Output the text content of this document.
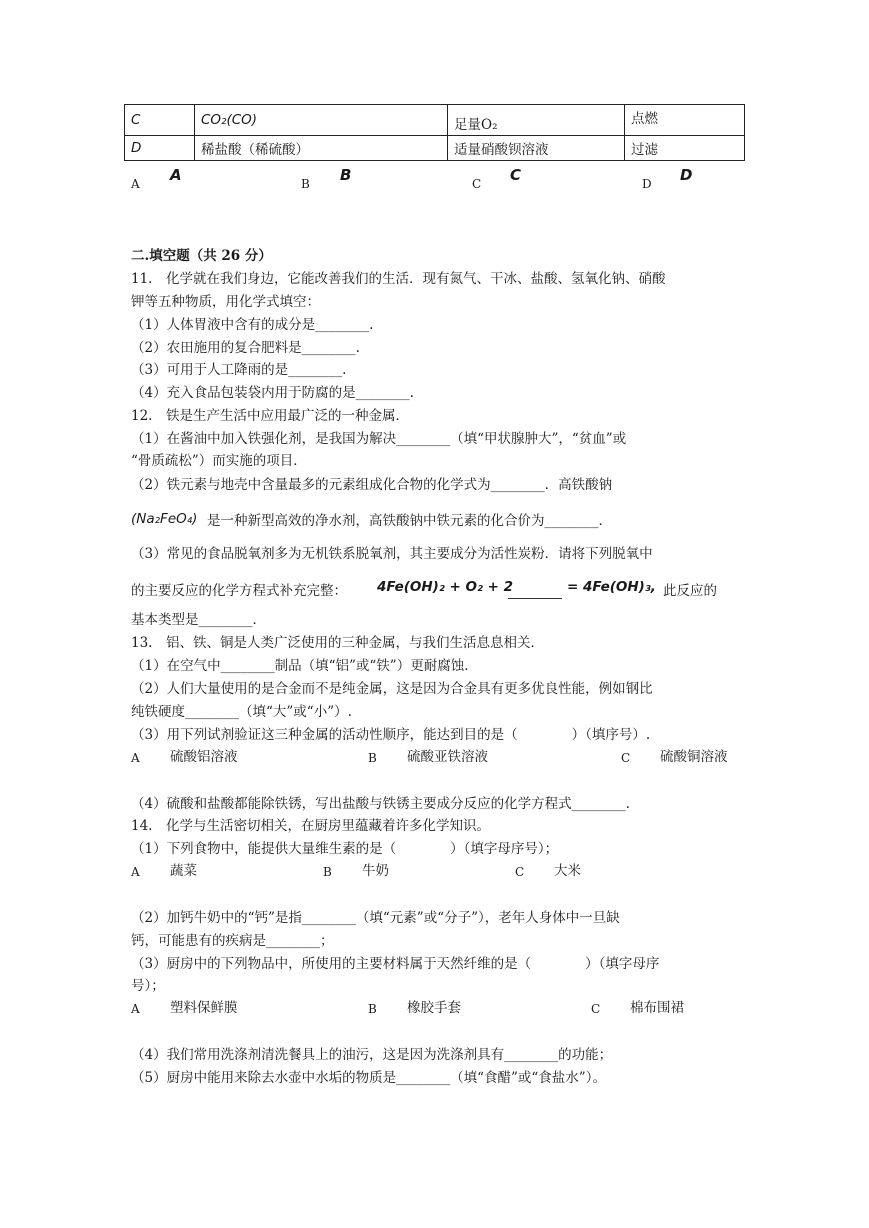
C	CO₂(CO)	足量O₂	点燃
D	稀盐酸（稀硫酸）	适量硝酸钡溶液	过滤
A A	B B	C C	D D
二.填空题（共 26 分）
11.　化学就在我们身边，它能改善我们的生活．现有氮气、干冰、盐酸、氢氧化钠、硝酸
钾等五种物质，用化学式填空：
（1）人体胃液中含有的成分是________.
（2）农田施用的复合肥料是________.
（3）可用于人工降雨的是________.
（4）充入食品包装袋内用于防腐的是________.
12.　铁是生产生活中应用最广泛的一种金属．
（1）在酱油中加入铁强化剂，是我国为解决________（填“甲状腺肿大”，“贫血”或
“骨质疏松”）而实施的项目．
（2）铁元素与地壳中含量最多的元素组成化合物的化学式为________．高铁酸钠
(Na₂FeO₄) 是一种新型高效的净水剂，高铁酸钠中铁元素的化合价为________．
（3）常见的食品脱氧剂多为无机铁系脱氧剂，其主要成分为活性炭粉．请将下列脱氧中
的主要反应的化学方程式补充完整： 4Fe(OH)₂ + O₂ + 2	= 4Fe(OH)₃, 此反应的
基本类型是________．
13.　铝、铁、铜是人类广泛使用的三种金属，与我们生活息息相关．
（1）在空气中________制品（填“铝”或“铁”）更耐腐蚀．
（2）人们大量使用的是合金而不是纯金属，这是因为合金具有更多优良性能，例如钢比
纯铁硬度________（填“大”或“小”）.
（3）用下列试剂验证这三种金属的活动性顺序，能达到目的是（　　　　）（填序号）.
A 硫酸铝溶液	B 硫酸亚铁溶液	C 硫酸铜溶液
（4）硫酸和盐酸都能除铁锈，写出盐酸与铁锈主要成分反应的化学方程式________.
14.　化学与生活密切相关，在厨房里蕴藏着许多化学知识。
（1）下列食物中，能提供大量维生素的是（　　　　）（填字母序号）；
A 蔬菜	B 牛奶	C 大米
（2）加钙牛奶中的“钙”是指________（填“元素”或“分子”），老年人身体中一旦缺
钙，可能患有的疾病是________；
（3）厨房中的下列物品中，所使用的主要材料属于天然纤维的是（　　　　）（填字母序
号）；
A 塑料保鲜膜	B 橡胶手套	C 棉布围裙
（4）我们常用洗涤剂清洗餐具上的油污，这是因为洗涤剂具有________的功能；
（5）厨房中能用来除去水壶中水垢的物质是________（填“食醋”或“食盐水”）。
